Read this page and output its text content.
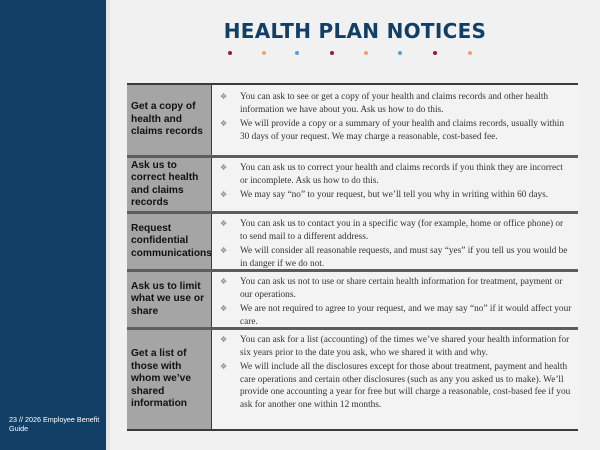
23 // 2026 Employee Benefit Guide
HEALTH PLAN NOTICES
Get a copy of health and claims records
❖	You can ask to see or get a copy of your health and claims records and other health information we have about you. Ask us how to do this.
❖	We will provide a copy or a summary of your health and claims records, usually within 30 days of your request. We may charge a reasonable, cost-based fee.
Ask us to correct health and claims records
❖	You can ask us to correct your health and claims records if you think they are incorrect or incomplete. Ask us how to do this.
❖	We may say “no” to your request, but we’ll tell you why in writing within 60 days.
Request confidential communications
❖	You can ask us to contact you in a specific way (for example, home or office phone) or to send mail to a different address.
❖	We will consider all reasonable requests, and must say “yes” if you tell us you would be in danger if we do not.
Ask us to limit what we use or share
❖	You can ask us not to use or share certain health information for treatment, payment or our operations.
❖	We are not required to agree to your request, and we may say “no” if it would affect your care.
Get a list of those with whom we’ve shared information
❖	You can ask for a list (accounting) of the times we’ve shared your health information for six years prior to the date you ask, who we shared it with and why.
❖	We will include all the disclosures except for those about treatment, payment and health care operations and certain other disclosures (such as any you asked us to make). We’ll provide one accounting a year for free but will charge a reasonable, cost-based fee if you ask for another one within 12 months.
